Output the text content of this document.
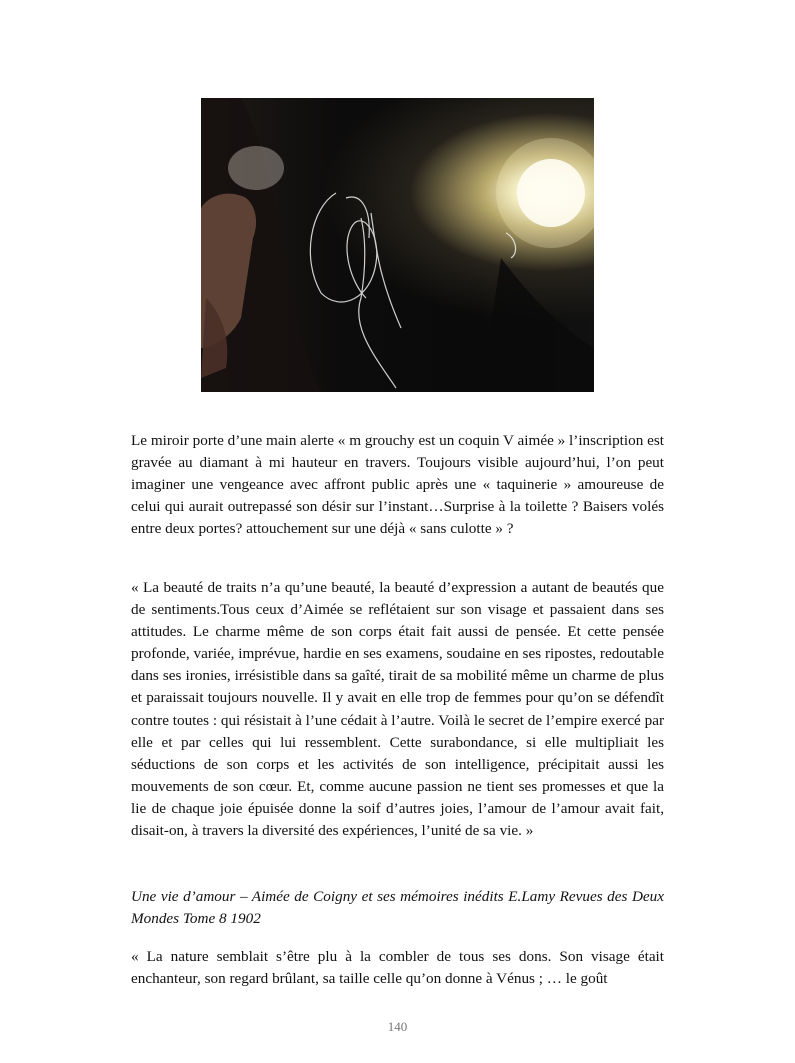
Le miroir porte d’une main alerte « m grouchy est un coquin V aimée » l’inscription est gravée au diamant à mi hauteur en travers. Toujours visible aujourd’hui, l’on peut imaginer une vengeance avec affront public après une « taquinerie » amoureuse de celui qui aurait outrepassé son désir sur l’instant…Surprise à la toilette ? Baisers volés entre deux portes? attouchement sur une déjà « sans culotte » ?
« La beauté de traits n’a qu’une beauté, la beauté d’expression a autant de beautés que de sentiments.Tous ceux d’Aimée se reflétaient sur son visage et passaient dans ses attitudes. Le charme même de son corps était fait aussi de pensée. Et cette pensée profonde, variée, imprévue, hardie en ses examens, soudaine en ses ripostes, redoutable dans ses ironies, irrésistible dans sa gaîté, tirait de sa mobilité même un charme de plus et paraissait toujours nouvelle. Il y avait en elle trop de femmes pour qu’on se défendît contre toutes : qui résistait à l’une cédait à l’autre. Voilà le secret de l’empire exercé par elle et par celles qui lui ressemblent. Cette surabondance, si elle multipliait les séductions de son corps et les activités de son intelligence, précipitait aussi les mouvements de son cœur. Et, comme aucune passion ne tient ses promesses et que la lie de chaque joie épuisée donne la soif d’autres joies, l’amour de l’amour avait fait, disait-on, à travers la diversité des expériences, l’unité de sa vie. »
Une vie d’amour – Aimée de Coigny et ses mémoires inédits E.Lamy Revues des Deux Mondes Tome 8 1902
« La nature semblait s’être plu à la combler de tous ses dons. Son visage était enchanteur, son regard brûlant, sa taille celle qu’on donne à Vénus ; … le goût
140
